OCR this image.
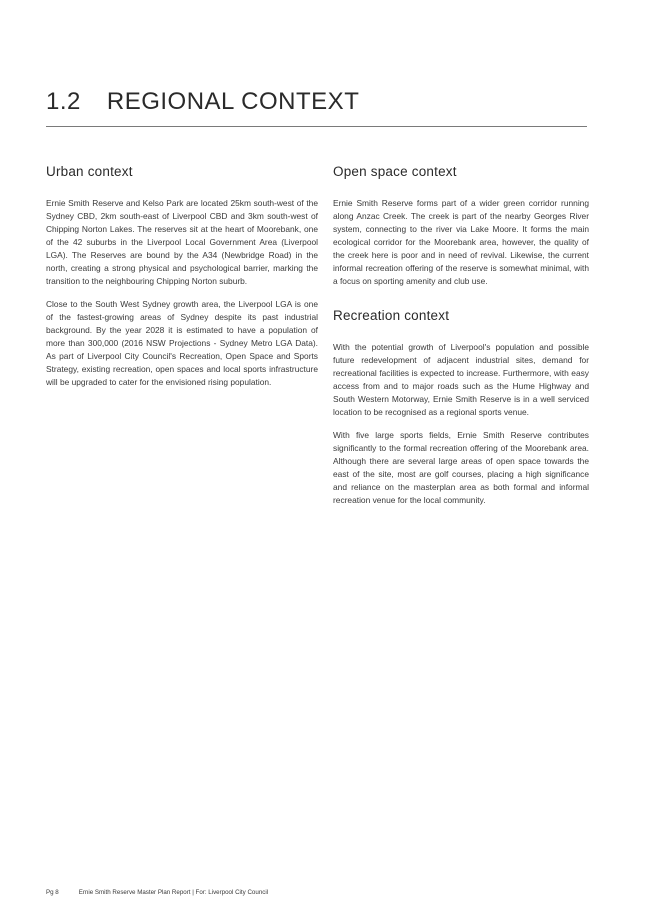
1.2 REGIONAL CONTEXT
Urban context

Ernie Smith Reserve and Kelso Park are located 25km south-west of the Sydney CBD, 2km south-east of Liverpool CBD and 3km south-west of Chipping Norton Lakes. The reserves sit at the heart of Moorebank, one of the 42 suburbs in the Liverpool Local Government Area (Liverpool LGA). The Reserves are bound by the A34 (Newbridge Road) in the north, creating a strong physical and psychological barrier, marking the transition to the neighbouring Chipping Norton suburb.

Close to the South West Sydney growth area, the Liverpool LGA is one of the fastest-growing areas of Sydney despite its past industrial background. By the year 2028 it is estimated to have a population of more than 300,000 (2016 NSW Projections - Sydney Metro LGA Data). As part of Liverpool City Council's Recreation, Open Space and Sports Strategy, existing recreation, open spaces and local sports infrastructure will be upgraded to cater for the envisioned rising population.

Open space context

Ernie Smith Reserve forms part of a wider green corridor running along Anzac Creek. The creek is part of the nearby Georges River system, connecting to the river via Lake Moore. It forms the main ecological corridor for the Moorebank area, however, the quality of the creek here is poor and in need of revival. Likewise, the current informal recreation offering of the reserve is somewhat minimal, with a focus on sporting amenity and club use.

Recreation context

With the potential growth of Liverpool's population and possible future redevelopment of adjacent industrial sites, demand for recreational facilities is expected to increase. Furthermore, with easy access from and to major roads such as the Hume Highway and South Western Motorway, Ernie Smith Reserve is in a well serviced location to be recognised as a regional sports venue.

With five large sports fields, Ernie Smith Reserve contributes significantly to the formal recreation offering of the Moorebank area. Although there are several large areas of open space towards the east of the site, most are golf courses, placing a high significance and reliance on the masterplan area as both formal and informal recreation venue for the local community.

Pg 8	Ernie Smith Reserve Master Plan Report | For: Liverpool City Council
